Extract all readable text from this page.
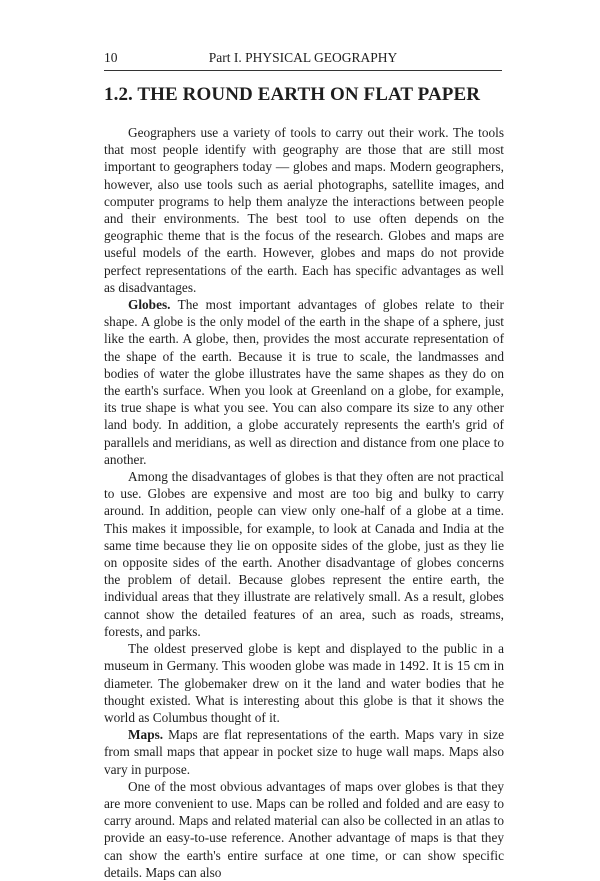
10	Part I. PHYSICAL GEOGRAPHY
1.2. THE ROUND EARTH ON FLAT PAPER

Geographers use a variety of tools to carry out their work. The tools that most people identify with geography are those that are still most important to geographers today — globes and maps. Modern geographers, however, also use tools such as aerial photographs, satellite images, and computer programs to help them analyze the interactions between people and their environments. The best tool to use often depends on the geographic theme that is the focus of the research. Globes and maps are useful models of the earth. However, globes and maps do not provide perfect representations of the earth. Each has specific advantages as well as disadvantages.

Globes. The most important advantages of globes relate to their shape. A globe is the only model of the earth in the shape of a sphere, just like the earth. A globe, then, provides the most accurate representation of the shape of the earth. Because it is true to scale, the landmasses and bodies of water the globe illustrates have the same shapes as they do on the earth's surface. When you look at Greenland on a globe, for example, its true shape is what you see. You can also compare its size to any other land body. In addition, a globe accurately represents the earth's grid of parallels and meridians, as well as direction and distance from one place to another.

Among the disadvantages of globes is that they often are not practical to use. Globes are expensive and most are too big and bulky to carry around. In addition, people can view only one-half of a globe at a time. This makes it impossible, for example, to look at Canada and India at the same time because they lie on opposite sides of the globe, just as they lie on opposite sides of the earth. Another disadvantage of globes concerns the problem of detail. Because globes represent the entire earth, the individual areas that they illustrate are relatively small. As a result, globes cannot show the detailed features of an area, such as roads, streams, forests, and parks.

The oldest preserved globe is kept and displayed to the public in a museum in Germany. This wooden globe was made in 1492. It is 15 cm in diameter. The globemaker drew on it the land and water bodies that he thought existed. What is interesting about this globe is that it shows the world as Columbus thought of it.

Maps. Maps are flat representations of the earth. Maps vary in size from small maps that appear in pocket size to huge wall maps. Maps also vary in purpose.

One of the most obvious advantages of maps over globes is that they are more convenient to use. Maps can be rolled and folded and are easy to carry around. Maps and related material can also be collected in an atlas to provide an easy-to-use reference. Another advantage of maps is that they can show the earth's entire surface at one time, or can show specific details. Maps can also
